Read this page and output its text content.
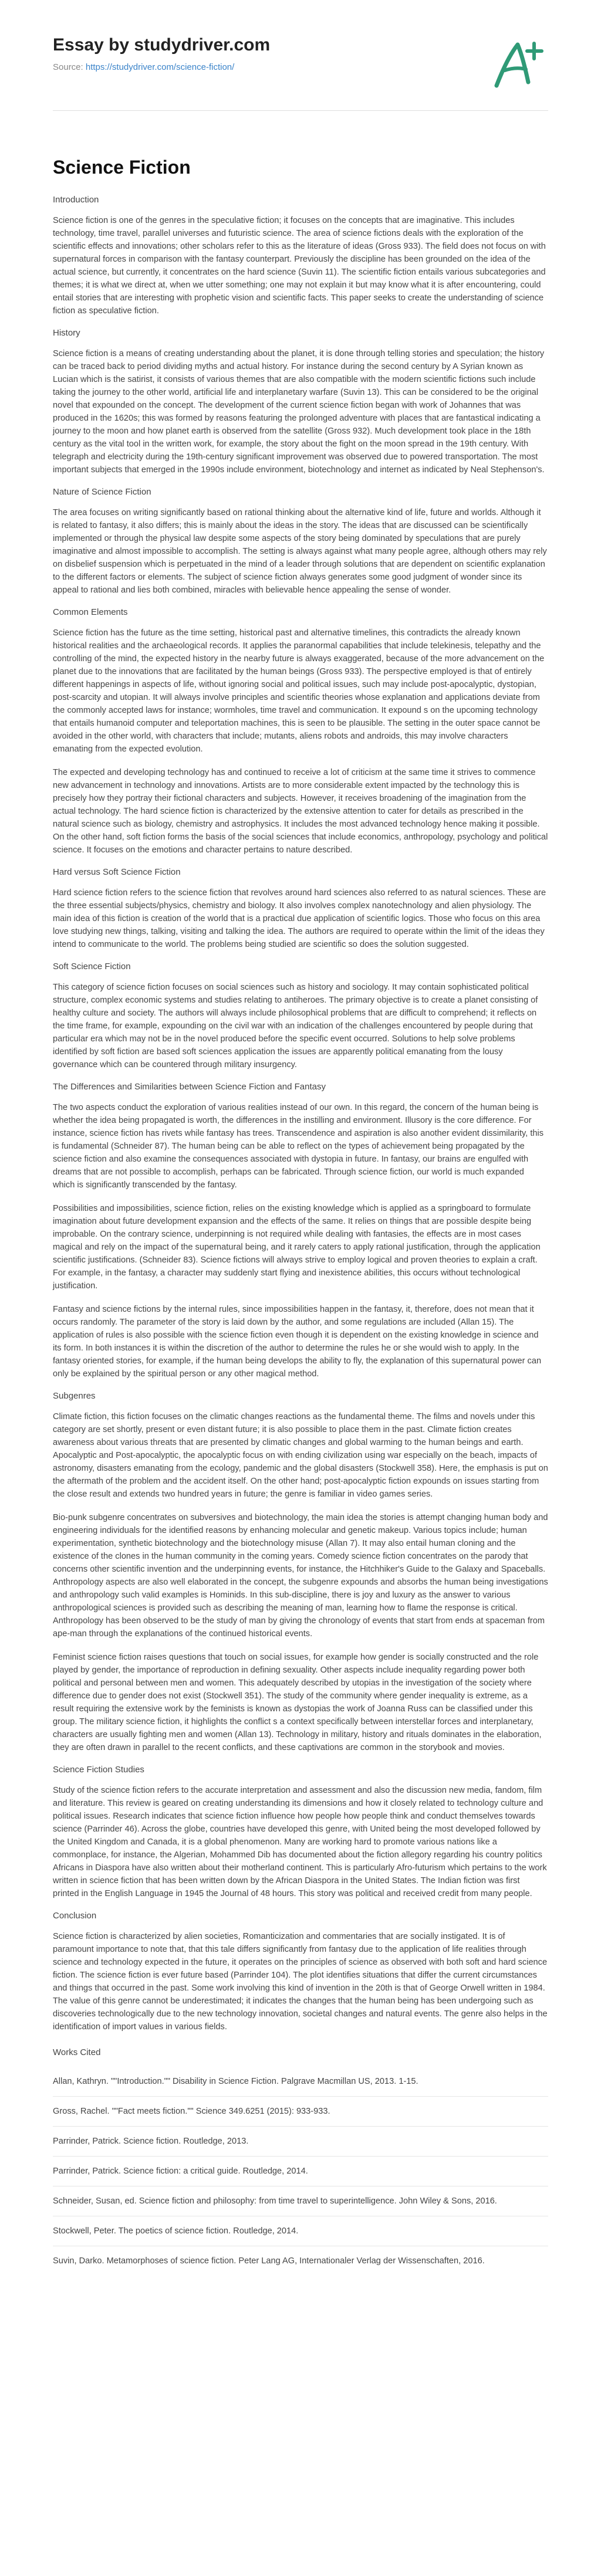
Essay by studydriver.com
Source: https://studydriver.com/science-fiction/
Science Fiction
Introduction

Science fiction is one of the genres in the speculative fiction; it focuses on the concepts that are imaginative. This includes technology, time travel, parallel universes and futuristic science. The area of science fictions deals with the exploration of the scientific effects and innovations; other scholars refer to this as the literature of ideas (Gross 933). The field does not focus on with supernatural forces in comparison with the fantasy counterpart. Previously the discipline has been grounded on the idea of the actual science, but currently, it concentrates on the hard science (Suvin 11). The scientific fiction entails various subcategories and themes; it is what we direct at, when we utter something; one may not explain it but may know what it is after encountering, could entail stories that are interesting with prophetic vision and scientific facts. This paper seeks to create the understanding of science fiction as speculative fiction.

History

Science fiction is a means of creating understanding about the planet, it is done through telling stories and speculation; the history can be traced back to period dividing myths and actual history. For instance during the second century by A Syrian known as Lucian which is the satirist, it consists of various themes that are also compatible with the modern scientific fictions such include taking the journey to the other world, artificial life and interplanetary warfare (Suvin 13). This can be considered to be the original novel that expounded on the concept. The development of the current science fiction began with work of Johannes that was produced in the 1620s; this was formed by reasons featuring the prolonged adventure with places that are fantastical indicating a journey to the moon and how planet earth is observed from the satellite (Gross 932). Much development took place in the 18th century as the vital tool in the written work, for example, the story about the fight on the moon spread in the 19th century. With telegraph and electricity during the 19th-century significant improvement was observed due to powered transportation. The most important subjects that emerged in the 1990s include environment, biotechnology and internet as indicated by Neal Stephenson's.

Nature of Science Fiction

The area focuses on writing significantly based on rational thinking about the alternative kind of life, future and worlds. Although it is related to fantasy, it also differs; this is mainly about the ideas in the story. The ideas that are discussed can be scientifically implemented or through the physical law despite some aspects of the story being dominated by speculations that are purely imaginative and almost impossible to accomplish. The setting is always against what many people agree, although others may rely on disbelief suspension which is perpetuated in the mind of a leader through solutions that are dependent on scientific explanation to the different factors or elements. The subject of science fiction always generates some good judgment of wonder since its appeal to rational and lies both combined, miracles with believable hence appealing the sense of wonder.

Common Elements

Science fiction has the future as the time setting, historical past and alternative timelines, this contradicts the already known historical realities and the archaeological records. It applies the paranormal capabilities that include telekinesis, telepathy and the controlling of the mind, the expected history in the nearby future is always exaggerated, because of the more advancement on the planet due to the innovations that are facilitated by the human beings (Gross 933). The perspective employed is that of entirely different happenings in aspects of life, without ignoring social and political issues, such may include post-apocalyptic, dystopian, post-scarcity and utopian. It will always involve principles and scientific theories whose explanation and applications deviate from the commonly accepted laws for instance; wormholes, time travel and communication. It expound s on the upcoming technology that entails humanoid computer and teleportation machines, this is seen to be plausible. The setting in the outer space cannot be avoided in the other world, with characters that include; mutants, aliens robots and androids, this may involve characters emanating from the expected evolution.

The expected and developing technology has and continued to receive a lot of criticism at the same time it strives to commence new advancement in technology and innovations. Artists are to more considerable extent impacted by the technology this is precisely how they portray their fictional characters and subjects. However, it receives broadening of the imagination from the actual technology. The hard science fiction is characterized by the extensive attention to cater for details as prescribed in the natural science such as biology, chemistry and astrophysics. It includes the most advanced technology hence making it possible. On the other hand, soft fiction forms the basis of the social sciences that include economics, anthropology, psychology and political science. It focuses on the emotions and character pertains to nature described.

Hard versus Soft Science Fiction

Hard science fiction refers to the science fiction that revolves around hard sciences also referred to as natural sciences. These are the three essential subjects/physics, chemistry and biology. It also involves complex nanotechnology and alien physiology. The main idea of this fiction is creation of the world that is a practical due application of scientific logics. Those who focus on this area love studying new things, talking, visiting and talking the idea. The authors are required to operate within the limit of the ideas they intend to communicate to the world. The problems being studied are scientific so does the solution suggested.

Soft Science Fiction

This category of science fiction focuses on social sciences such as history and sociology. It may contain sophisticated political structure, complex economic systems and studies relating to antiheroes. The primary objective is to create a planet consisting of healthy culture and society. The authors will always include philosophical problems that are difficult to comprehend; it reflects on the time frame, for example, expounding on the civil war with an indication of the challenges encountered by people during that particular era which may not be in the novel produced before the specific event occurred. Solutions to help solve problems identified by soft fiction are based soft sciences application the issues are apparently political emanating from the lousy governance which can be countered through military insurgency.

The Differences and Similarities between Science Fiction and Fantasy

The two aspects conduct the exploration of various realities instead of our own. In this regard, the concern of the human being is whether the idea being propagated is worth, the differences in the instilling and environment. Illusory is the core difference. For instance, science fiction has rivets while fantasy has trees. Transcendence and aspiration is also another evident dissimilarity, this is fundamental (Schneider 87). The human being can be able to reflect on the types of achievement being propagated by the science fiction and also examine the consequences associated with dystopia in future. In fantasy, our brains are engulfed with dreams that are not possible to accomplish, perhaps can be fabricated. Through science fiction, our world is much expanded which is significantly transcended by the fantasy.

Possibilities and impossibilities, science fiction, relies on the existing knowledge which is applied as a springboard to formulate imagination about future development expansion and the effects of the same. It relies on things that are possible despite being improbable. On the contrary science, underpinning is not required while dealing with fantasies, the effects are in most cases magical and rely on the impact of the supernatural being, and it rarely caters to apply rational justification, through the application scientific justifications. (Schneider 83). Science fictions will always strive to employ logical and proven theories to explain a craft. For example, in the fantasy, a character may suddenly start flying and inexistence abilities, this occurs without technological justification.

Fantasy and science fictions by the internal rules, since impossibilities happen in the fantasy, it, therefore, does not mean that it occurs randomly. The parameter of the story is laid down by the author, and some regulations are included (Allan 15). The application of rules is also possible with the science fiction even though it is dependent on the existing knowledge in science and its form. In both instances it is within the discretion of the author to determine the rules he or she would wish to apply. In the fantasy oriented stories, for example, if the human being develops the ability to fly, the explanation of this supernatural power can only be explained by the spiritual person or any other magical method.

Subgenres

Climate fiction, this fiction focuses on the climatic changes reactions as the fundamental theme. The films and novels under this category are set shortly, present or even distant future; it is also possible to place them in the past. Climate fiction creates awareness about various threats that are presented by climatic changes and global warming to the human beings and earth. Apocalyptic and Post-apocalyptic, the apocalyptic focus on with ending civilization using war especially on the beach, impacts of astronomy, disasters emanating from the ecology, pandemic and the global disasters (Stockwell 358). Here, the emphasis is put on the aftermath of the problem and the accident itself. On the other hand; post-apocalyptic fiction expounds on issues starting from the close result and extends two hundred years in future; the genre is familiar in video games series.

Bio-punk subgenre concentrates on subversives and biotechnology, the main idea the stories is attempt changing human body and engineering individuals for the identified reasons by enhancing molecular and genetic makeup. Various topics include; human experimentation, synthetic biotechnology and the biotechnology misuse (Allan 7). It may also entail human cloning and the existence of the clones in the human community in the coming years. Comedy science fiction concentrates on the parody that concerns other scientific invention and the underpinning events, for instance, the Hitchhiker's Guide to the Galaxy and Spaceballs. Anthropology aspects are also well elaborated in the concept, the subgenre expounds and absorbs the human being investigations and anthropology such valid examples is Hominids. In this sub-discipline, there is joy and luxury as the answer to various anthropological sciences is provided such as describing the meaning of man, learning how to flame the response is critical. Anthropology has been observed to be the study of man by giving the chronology of events that start from ends at spaceman from ape-man through the explanations of the continued historical events.

Feminist science fiction raises questions that touch on social issues, for example how gender is socially constructed and the role played by gender, the importance of reproduction in defining sexuality. Other aspects include inequality regarding power both political and personal between men and women. This adequately described by utopias in the investigation of the society where difference due to gender does not exist (Stockwell 351). The study of the community where gender inequality is extreme, as a result requiring the extensive work by the feminists is known as dystopias the work of Joanna Russ can be classified under this group. The military science fiction, it highlights the conflict s a context specifically between interstellar forces and interplanetary, characters are usually fighting men and women (Allan 13). Technology in military, history and rituals dominates in the elaboration, they are often drawn in parallel to the recent conflicts, and these captivations are common in the storybook and movies.

Science Fiction Studies

Study of the science fiction refers to the accurate interpretation and assessment and also the discussion new media, fandom, film and literature. This review is geared on creating understanding its dimensions and how it closely related to technology culture and political issues. Research indicates that science fiction influence how people how people think and conduct themselves towards science (Parrinder 46). Across the globe, countries have developed this genre, with United being the most developed followed by the United Kingdom and Canada, it is a global phenomenon. Many are working hard to promote various nations like a commonplace, for instance, the Algerian, Mohammed Dib has documented about the fiction allegory regarding his country politics Africans in Diaspora have also written about their motherland continent. This is particularly Afro-futurism which pertains to the work written in science fiction that has been written down by the African Diaspora in the United States. The Indian fiction was first printed in the English Language in 1945 the Journal of 48 hours. This story was political and received credit from many people.

Conclusion

Science fiction is characterized by alien societies, Romanticization and commentaries that are socially instigated. It is of paramount importance to note that, that this tale differs significantly from fantasy due to the application of life realities through science and technology expected in the future, it operates on the principles of science as observed with both soft and hard science fiction. The science fiction is ever future based (Parrinder 104). The plot identifies situations that differ the current circumstances and things that occurred in the past. Some work involving this kind of invention in the 20th is that of George Orwell written in 1984. The value of this genre cannot be underestimated; it indicates the changes that the human being has been undergoing such as discoveries technologically due to the new technology innovation, societal changes and natural events. The genre also helps in the identification of import values in various fields.

Works Cited
Allan, Kathryn. ""Introduction."" Disability in Science Fiction. Palgrave Macmillan US, 2013. 1-15.
Gross, Rachel. ""Fact meets fiction."" Science 349.6251 (2015): 933-933.
Parrinder, Patrick. Science fiction. Routledge, 2013.
Parrinder, Patrick. Science fiction: a critical guide. Routledge, 2014.
Schneider, Susan, ed. Science fiction and philosophy: from time travel to superintelligence. John Wiley & Sons, 2016.
Stockwell, Peter. The poetics of science fiction. Routledge, 2014.
Suvin, Darko. Metamorphoses of science fiction. Peter Lang AG, Internationaler Verlag der Wissenschaften, 2016.
